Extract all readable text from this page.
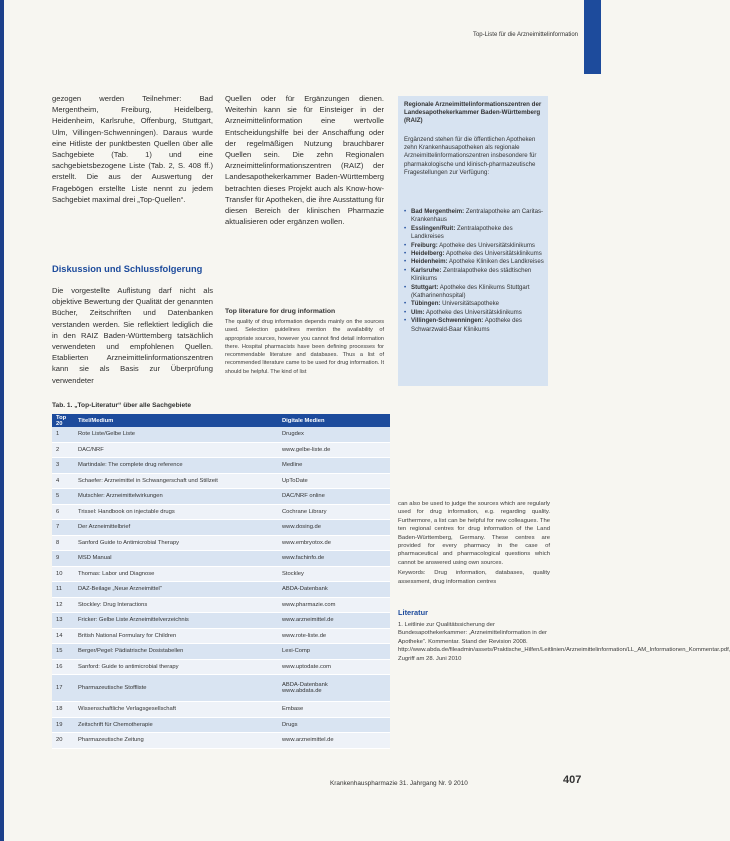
Top-Liste für die Arzneimittelinformation

gezogen werden Teilnehmer: Bad Mergentheim, Freiburg, Heidelberg, Heidenheim, Karlsruhe, Offenburg, Stuttgart, Ulm, Villingen-Schwenningen). Daraus wurde eine Hitliste der punktbesten Quellen über alle Sachgebiete (Tab. 1) und eine sachgebietsbezogene Liste (Tab. 2, S. 408 ff.) erstellt. Die aus der Auswertung der Fragebögen erstellte Liste nennt zu jedem Sachgebiet maximal drei „Top-Quellen“.

Diskussion und Schlussfolgerung

Die vorgestellte Auflistung darf nicht als objektive Bewertung der Qualität der genannten Bücher, Zeitschriften und Datenbanken verstanden werden. Sie reflektiert lediglich die in den RAIZ Baden-Württemberg tatsächlich verwendeten und empfohlenen Quellen. Etablierten Arzneimittelinformationszentren kann sie als Basis zur Überprüfung verwendeter

Quellen oder für Ergänzungen dienen. Weiterhin kann sie für Einsteiger in der Arzneimittelinformation eine wertvolle Entscheidungshilfe bei der Anschaffung oder der regelmäßigen Nutzung brauchbarer Quellen sein. Die zehn Regionalen Arzneimittelinformationszentren (RAIZ) der Landesapothekerkammer Baden-Württemberg betrachten dieses Projekt auch als Know-how-Transfer für Apotheken, die ihre Ausstattung für diesen Bereich der klinischen Pharmazie aktualisieren oder ergänzen wollen.

Top literature for drug information
The quality of drug information depends mainly on the sources used. Selection guidelines mention the availability of appropriate sources, however you cannot find detail information there. Hospital pharmacists have been defining processes for recommendable literature and databases. Thus a list of recommended literature came to be used for drug information. It should be helpful. The kind of list
Regionale Arzneimittelinformationszentren der Landesapothekerkammer Baden-Württemberg (RAIZ)
Ergänzend stehen für die öffentlichen Apotheken zehn Krankenhausapotheken als regionale Arzneimittelinformationszentren insbesondere für pharmakologische und klinisch-pharmazeutische Fragestellungen zur Verfügung:
• Bad Mergentheim: Zentralapotheke am Caritas-Krankenhaus
• Esslingen/Ruit: Zentralapotheke des Landkreises
• Freiburg: Apotheke des Universitätsklinikums
• Heidelberg: Apotheke des Universitätsklinikums
• Heidenheim: Apotheke Kliniken des Landkreises
• Karlsruhe: Zentralapotheke des städtischen Klinikums
• Stuttgart: Apotheke des Klinikums Stuttgart (Katharinenhospital)
• Tübingen: Universitätsapotheke
• Ulm: Apotheke des Universitätsklinikums
• Villingen-Schwenningen: Apotheke des Schwarzwald-Baar Klinikums
Tab. 1. „Top-Literatur“ über alle Sachgebiete
Top 20	Titel/Medium	Digitale Medien
1	Rote Liste/Gelbe Liste	Drugdex
2	DAC/NRF	www.gelbe-liste.de
3	Martindale: The complete drug reference	Medline
4	Schaefer: Arzneimittel in Schwangerschaft und Stillzeit	UpToDate
5	Mutschler: Arzneimittelwirkungen	DAC/NRF online
6	Trissel: Handbook on injectable drugs	Cochrane Library
7	Der Arzneimittelbrief	www.dosing.de
8	Sanford Guide to Antimicrobial Therapy	www.embryotox.de
9	MSD Manual	www.fachinfo.de
10	Thomas: Labor und Diagnose	Stockley
11	DAZ-Beilage „Neue Arzneimittel“	ABDA-Datenbank
12	Stockley: Drug Interactions	www.pharmazie.com
13	Fricker: Gelbe Liste Arzneimittelverzeichnis	www.arzneimittel.de
14	British National Formulary for Children	www.rote-liste.de
15	Berger/Pegel: Pädiatrische Dosistabellen	Lexi-Comp
16	Sanford: Guide to antimicrobial therapy	www.uptodate.com
17	Pharmazeutische Stoffliste	ABDA-Datenbank
www.abdata.de
18	Wissenschaftliche Verlagsgesellschaft	Embase
19	Zeitschrift für Chemotherapie	Drugs
20	Pharmazeutische Zeitung	www.arzneimittel.de

can also be used to judge the sources which are regularly used for drug information, e.g. regarding quality. Furthermore, a list can be helpful for new colleagues. The ten regional centres for drug information of the Land Baden-Württemberg, Germany. These centres are provided for every pharmacy in the case of pharmaceutical and pharmacological questions which cannot be answered using own sources.

Keywords: Drug information, databases, quality assessment, drug information centres

Literatur
1. Leitlinie zur Qualitätssicherung der Bundesapothekerkammer: „Arzneimittelinformation in der Apotheke“. Kommentar. Stand der Revision 2008. http://www.abda.de/fileadmin/assets/Praktische_Hilfen/Leitlinien/Arzneimittelinformation/LL_AM_Informationen_Kommentar.pdf, Zugriff am 28. Juni 2010
Krankenhauspharmazie 31. Jahrgang Nr. 9 2010	407
